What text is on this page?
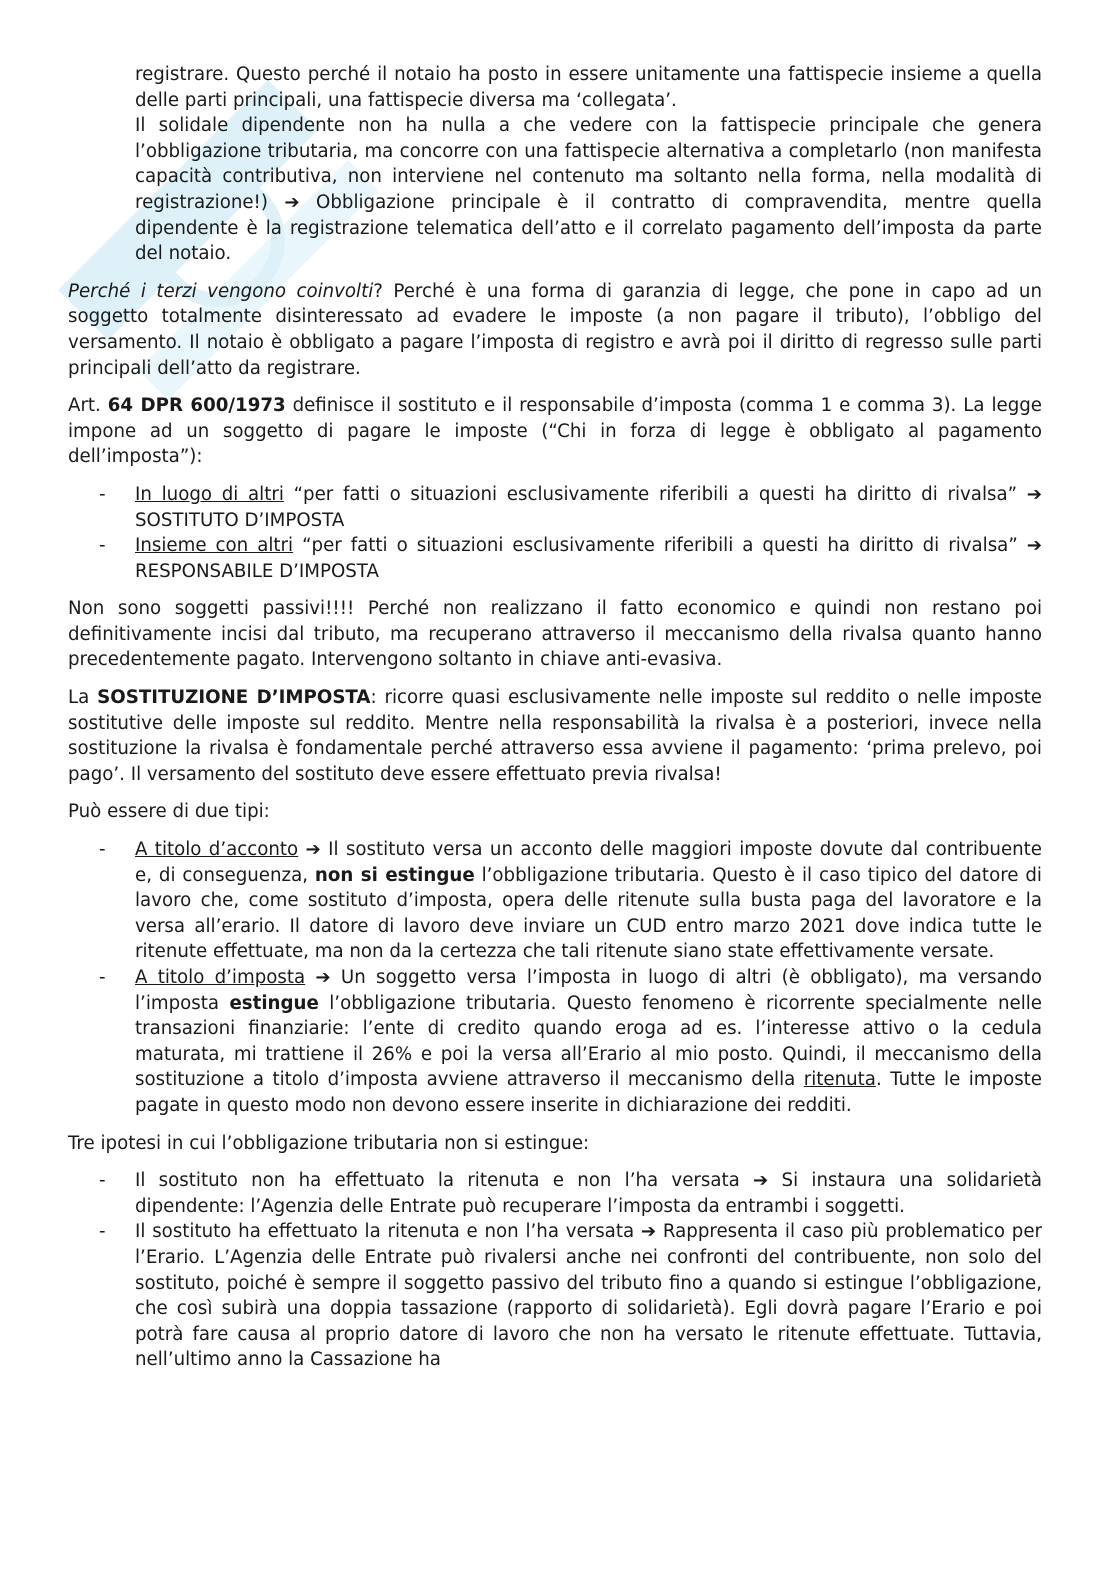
registrare. Questo perché il notaio ha posto in essere unitamente una fattispecie insieme a quella delle parti principali, una fattispecie diversa ma ‘collegata’.

Il solidale dipendente non ha nulla a che vedere con la fattispecie principale che genera l’obbligazione tributaria, ma concorre con una fattispecie alternativa a completarlo (non manifesta capacità contributiva, non interviene nel contenuto ma soltanto nella forma, nella modalità di registrazione!) ➔ Obbligazione principale è il contratto di compravendita, mentre quella dipendente è la registrazione telematica dell’atto e il correlato pagamento dell’imposta da parte del notaio.

Perché i terzi vengono coinvolti? Perché è una forma di garanzia di legge, che pone in capo ad un soggetto totalmente disinteressato ad evadere le imposte (a non pagare il tributo), l’obbligo del versamento. Il notaio è obbligato a pagare l’imposta di registro e avrà poi il diritto di regresso sulle parti principali dell’atto da registrare.

Art. 64 DPR 600/1973 definisce il sostituto e il responsabile d’imposta (comma 1 e comma 3). La legge impone ad un soggetto di pagare le imposte (“Chi in forza di legge è obbligato al pagamento dell’imposta”):

- In luogo di altri “per fatti o situazioni esclusivamente riferibili a questi ha diritto di rivalsa” ➔ SOSTITUTO D’IMPOSTA
- Insieme con altri “per fatti o situazioni esclusivamente riferibili a questi ha diritto di rivalsa” ➔ RESPONSABILE D’IMPOSTA

Non sono soggetti passivi!!!! Perché non realizzano il fatto economico e quindi non restano poi definitivamente incisi dal tributo, ma recuperano attraverso il meccanismo della rivalsa quanto hanno precedentemente pagato. Intervengono soltanto in chiave anti-evasiva.

La SOSTITUZIONE D’IMPOSTA: ricorre quasi esclusivamente nelle imposte sul reddito o nelle imposte sostitutive delle imposte sul reddito. Mentre nella responsabilità la rivalsa è a posteriori, invece nella sostituzione la rivalsa è fondamentale perché attraverso essa avviene il pagamento: ‘prima prelevo, poi pago’. Il versamento del sostituto deve essere effettuato previa rivalsa!

Può essere di due tipi:

- A titolo d’acconto ➔ Il sostituto versa un acconto delle maggiori imposte dovute dal contribuente e, di conseguenza, non si estingue l’obbligazione tributaria. Questo è il caso tipico del datore di lavoro che, come sostituto d’imposta, opera delle ritenute sulla busta paga del lavoratore e la versa all’erario. Il datore di lavoro deve inviare un CUD entro marzo 2021 dove indica tutte le ritenute effettuate, ma non da la certezza che tali ritenute siano state effettivamente versate.
- A titolo d’imposta ➔ Un soggetto versa l’imposta in luogo di altri (è obbligato), ma versando l’imposta estingue l’obbligazione tributaria. Questo fenomeno è ricorrente specialmente nelle transazioni finanziarie: l’ente di credito quando eroga ad es. l’interesse attivo o la cedula maturata, mi trattiene il 26% e poi la versa all’Erario al mio posto. Quindi, il meccanismo della sostituzione a titolo d’imposta avviene attraverso il meccanismo della ritenuta. Tutte le imposte pagate in questo modo non devono essere inserite in dichiarazione dei redditi.

Tre ipotesi in cui l’obbligazione tributaria non si estingue:

- Il sostituto non ha effettuato la ritenuta e non l’ha versata ➔ Si instaura una solidarietà dipendente: l’Agenzia delle Entrate può recuperare l’imposta da entrambi i soggetti.
- Il sostituto ha effettuato la ritenuta e non l’ha versata ➔ Rappresenta il caso più problematico per l’Erario. L’Agenzia delle Entrate può rivalersi anche nei confronti del contribuente, non solo del sostituto, poiché è sempre il soggetto passivo del tributo fino a quando si estingue l’obbligazione, che così subirà una doppia tassazione (rapporto di solidarietà). Egli dovrà pagare l’Erario e poi potrà fare causa al proprio datore di lavoro che non ha versato le ritenute effettuate. Tuttavia, nell’ultimo anno la Cassazione ha
